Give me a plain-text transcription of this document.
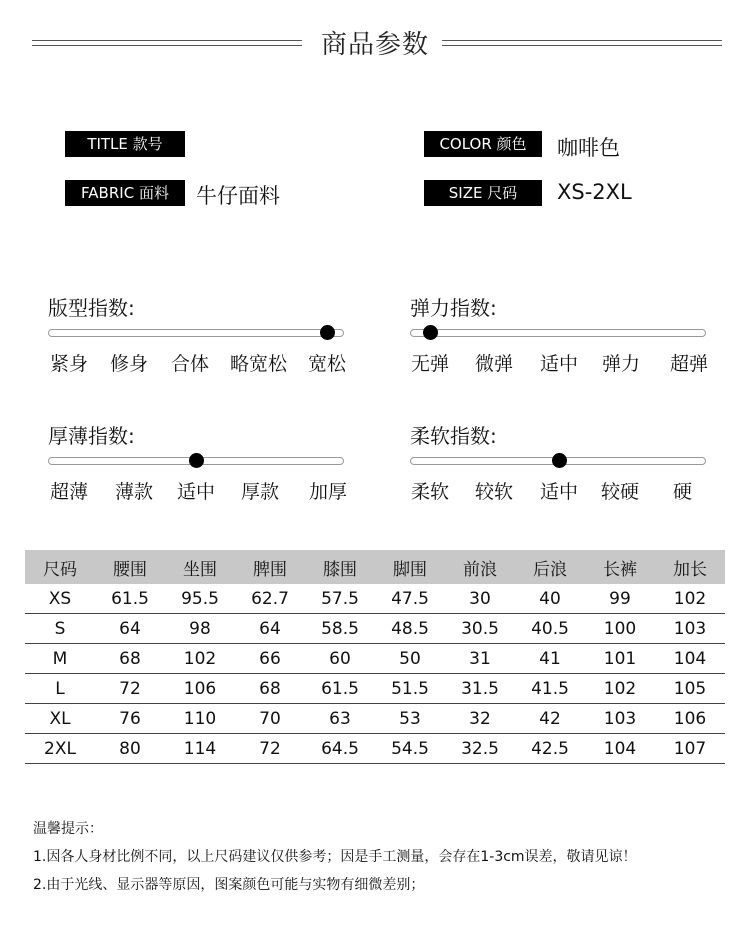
商品参数
TITLE 款号
FABRIC 面料	牛仔面料
COLOR 颜色	咖啡色
SIZE 尺码	XS-2XL
版型指数:
紧身 修身 合体 略宽松 宽松
弹力指数:
无弹 微弹 适中 弹力 超弹
厚薄指数:
超薄 薄款 适中 厚款 加厚
柔软指数:
柔软 较软 适中 较硬 硬
尺码	腰围	坐围	脾围	膝围	脚围	前浪	后浪	长裤	加长
XS	61.5	95.5	62.7	57.5	47.5	30	40	99	102
S	64	98	64	58.5	48.5	30.5	40.5	100	103
M	68	102	66	60	50	31	41	101	104
L	72	106	68	61.5	51.5	31.5	41.5	102	105
XL	76	110	70	63	53	32	42	103	106
2XL	80	114	72	64.5	54.5	32.5	42.5	104	107
温馨提示：
1.因各人身材比例不同，以上尺码建议仅供参考；因是手工测量，会存在1-3cm误差，敬请见谅！
2.由于光线、显示器等原因，图案颜色可能与实物有细微差别；
